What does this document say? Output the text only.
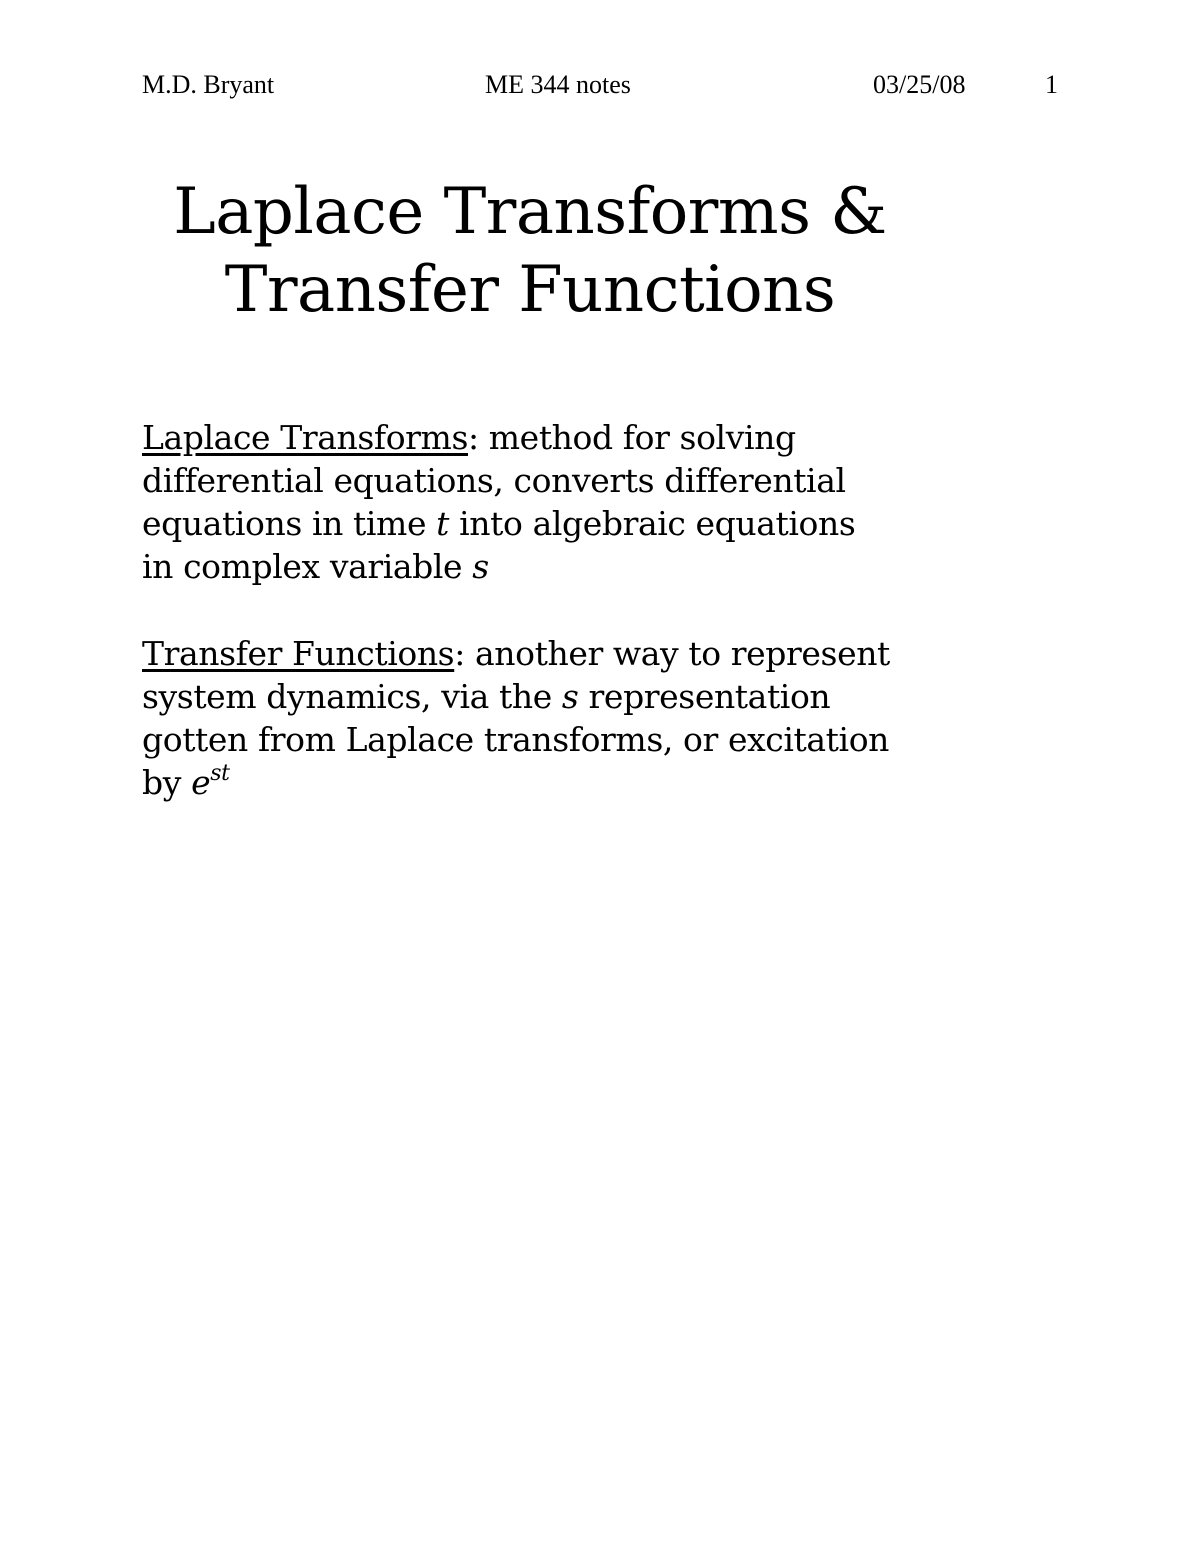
M.D. Bryant	ME 344 notes	03/25/08	1
Laplace Transforms &
Transfer Functions
Laplace Transforms: method for solving
differential equations, converts differential
equations in time t into algebraic equations
in complex variable s
Transfer Functions: another way to represent
system dynamics, via the s representation
gotten from Laplace transforms, or excitation
by $e^{st}$
